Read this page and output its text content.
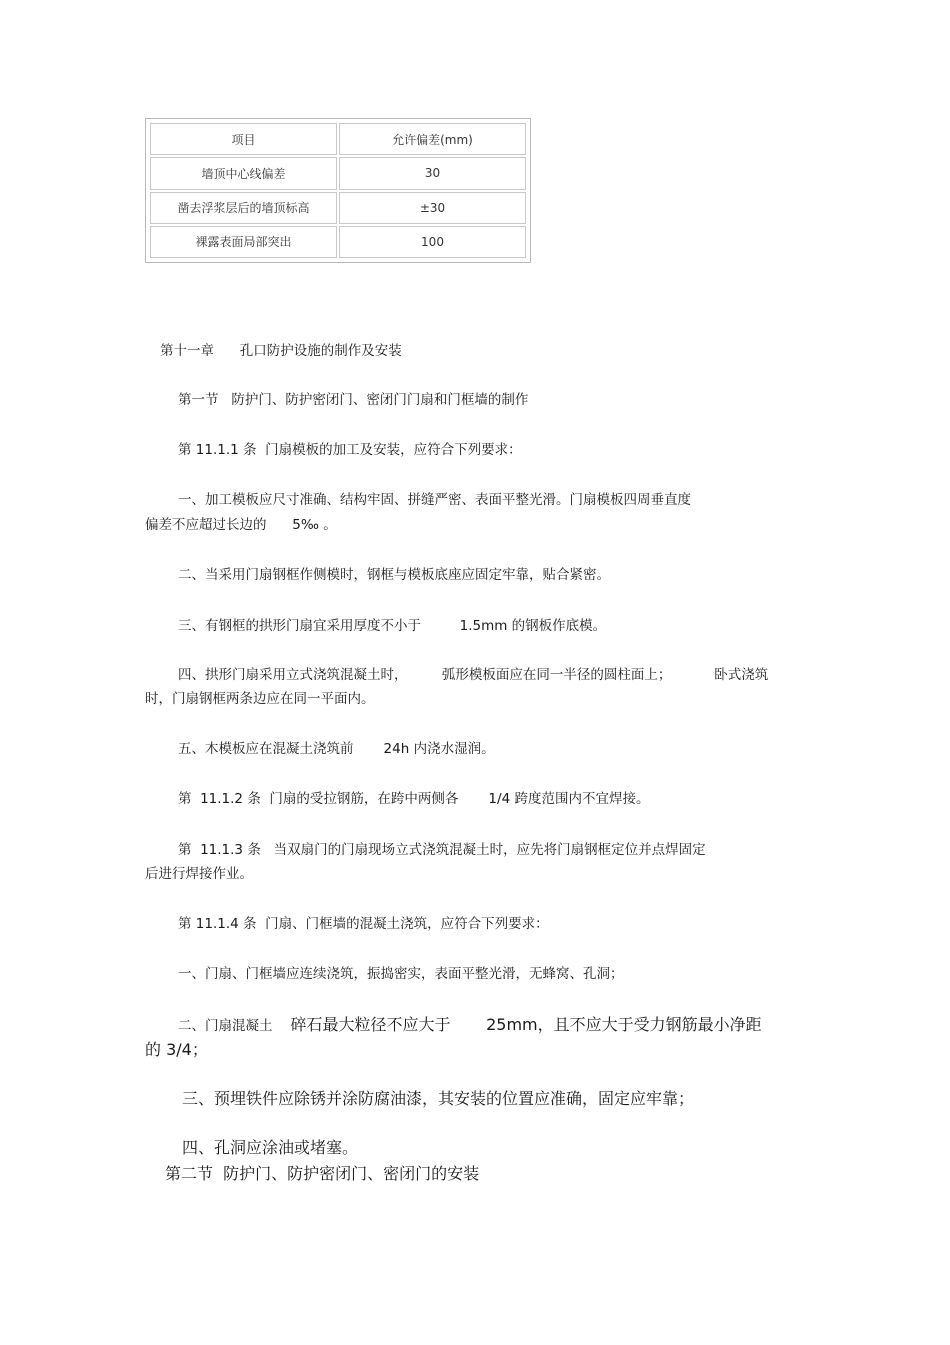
项目	允许偏差(mm)
墙顶中心线偏差	30
凿去浮浆层后的墙顶标高	±30
裸露表面局部突出	100
第十一章      孔口防护设施的制作及安装
第一节   防护门、防护密闭门、密闭门门扇和门框墙的制作
第 11.1.1 条  门扇模板的加工及安装，应符合下列要求：
一、加工模板应尺寸准确、结构牢固、拼缝严密、表面平整光滑。门扇模板四周垂直度
偏差不应超过长边的      5‰ 。
二、当采用门扇钢框作侧模时，钢框与模板底座应固定牢靠，贴合紧密。
三、有钢框的拱形门扇宜采用厚度不小于         1.5mm 的钢板作底模。
四、拱形门扇采用立式浇筑混凝土时，        弧形模板面应在同一半径的圆柱面上；          卧式浇筑
时，门扇钢框两条边应在同一平面内。
五、木模板应在混凝土浇筑前       24h 内浇水湿润。
第  11.1.2 条  门扇的受拉钢筋，在跨中两侧各       1/4 跨度范围内不宜焊接。
第  11.1.3 条   当双扇门的门扇现场立式浇筑混凝土时，应先将门扇钢框定位并点焊固定
后进行焊接作业。
第 11.1.4 条  门扇、门框墙的混凝土浇筑，应符合下列要求：
一、门扇、门框墙应连续浇筑，振捣密实，表面平整光滑，无蜂窝、孔洞；
二、门扇混凝土 碎石最大粒径不应大于       25mm，且不应大于受力钢筋最小净距
的 3/4；
三、预埋铁件应除锈并涂防腐油漆，其安装的位置应准确，固定应牢靠；
四、孔洞应涂油或堵塞。
第二节  防护门、防护密闭门、密闭门的安装
